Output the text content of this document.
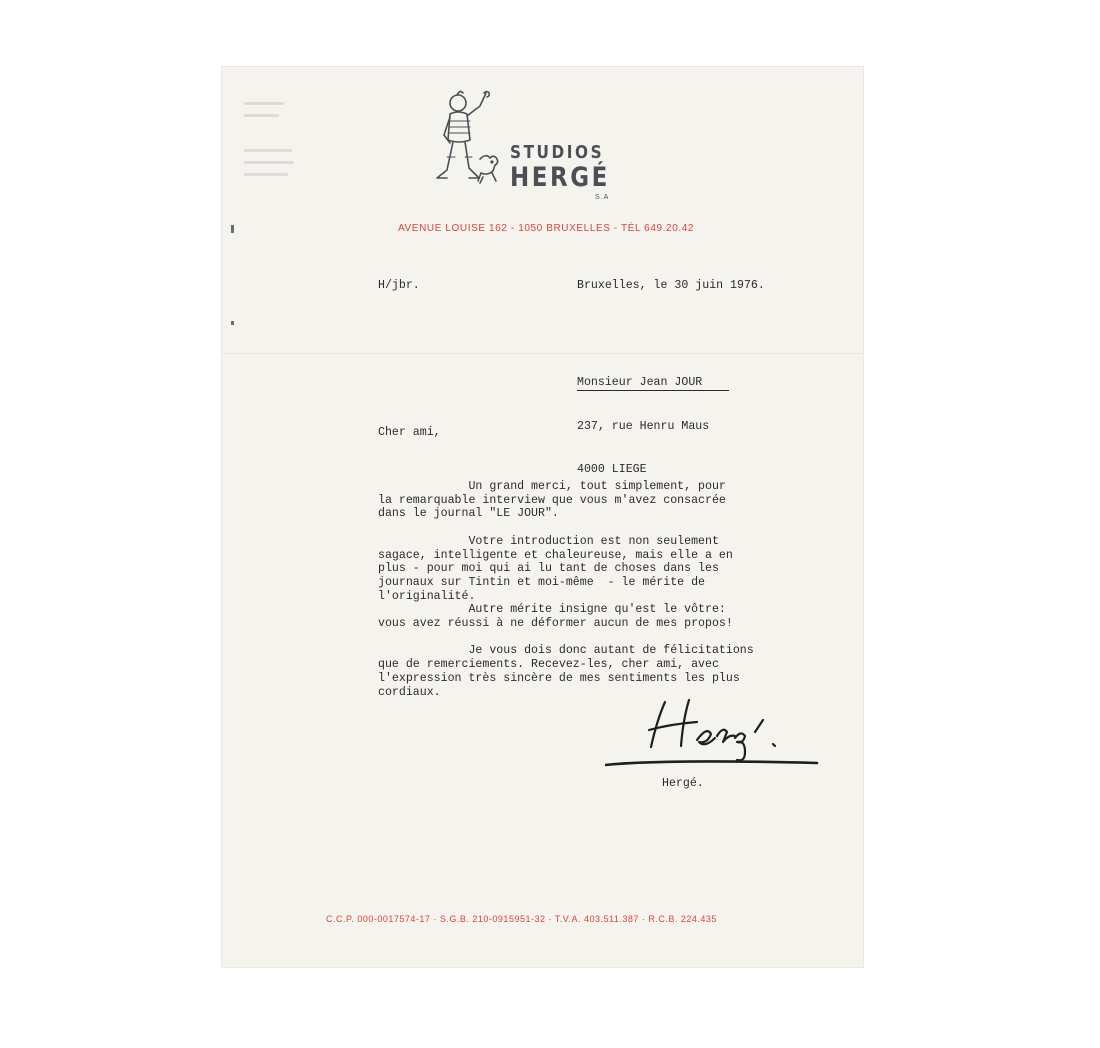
STUDIOS
HERGÉ
S.A
AVENUE LOUISE 162 - 1050 BRUXELLES - TÉL 649.20.42
H/jbr.	Bruxelles, le 30 juin 1976.

Monsieur Jean JOUR

237, rue Henru Maus

4000 LIEGE

Cher ami,
Un grand merci, tout simplement, pour
la remarquable interview que vous m'avez consacrée
dans le journal "LE JOUR".
Votre introduction est non seulement
sagace, intelligente et chaleureuse, mais elle a en
plus - pour moi qui ai lu tant de choses dans les
journaux sur Tintin et moi-même  - le mérite de
l'originalité.
Autre mérite insigne qu'est le vôtre:
vous avez réussi à ne déformer aucun de mes propos!
Je vous dois donc autant de félicitations
que de remerciements. Recevez-les, cher ami, avec
l'expression très sincère de mes sentiments les plus
cordiaux.
Hergé.
C.C.P. 000-0017574-17 · S.G.B. 210-0915951-32 · T.V.A. 403.511.387 · R.C.B. 224.435
